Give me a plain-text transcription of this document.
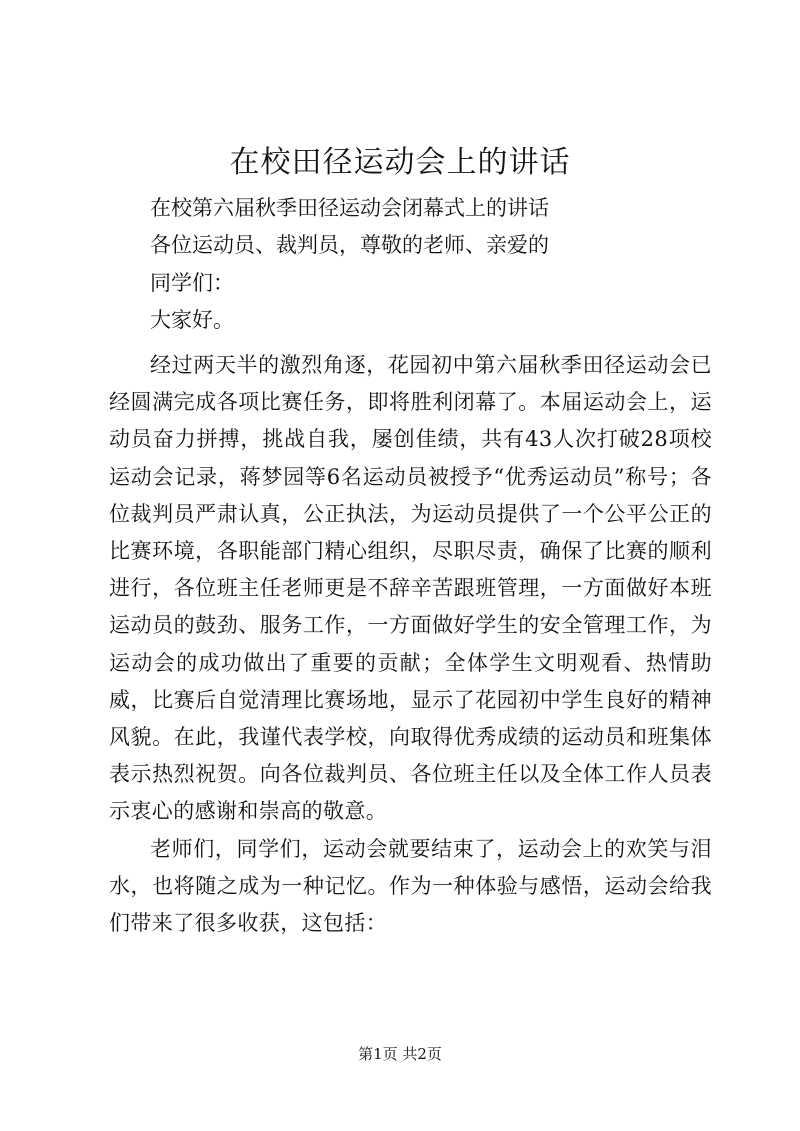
在校田径运动会上的讲话

在校第六届秋季田径运动会闭幕式上的讲话

各位运动员、裁判员，尊敬的老师、亲爱的

同学们：

大家好。

经过两天半的激烈角逐，花园初中第六届秋季田径运动会已经圆满完成各项比赛任务，即将胜利闭幕了。本届运动会上，运动员奋力拼搏，挑战自我，屡创佳绩，共有43人次打破28项校运动会记录，蒋梦园等6名运动员被授予“优秀运动员”称号；各位裁判员严肃认真，公正执法，为运动员提供了一个公平公正的比赛环境，各职能部门精心组织，尽职尽责，确保了比赛的顺利进行，各位班主任老师更是不辞辛苦跟班管理，一方面做好本班运动员的鼓劲、服务工作，一方面做好学生的安全管理工作，为运动会的成功做出了重要的贡献；全体学生文明观看、热情助威，比赛后自觉清理比赛场地，显示了花园初中学生良好的精神风貌。在此，我谨代表学校，向取得优秀成绩的运动员和班集体表示热烈祝贺。向各位裁判员、各位班主任以及全体工作人员表示衷心的感谢和崇高的敬意。

老师们，同学们，运动会就要结束了，运动会上的欢笑与泪水，也将随之成为一种记忆。作为一种体验与感悟，运动会给我们带来了很多收获，这包括：

第1页 共2页
